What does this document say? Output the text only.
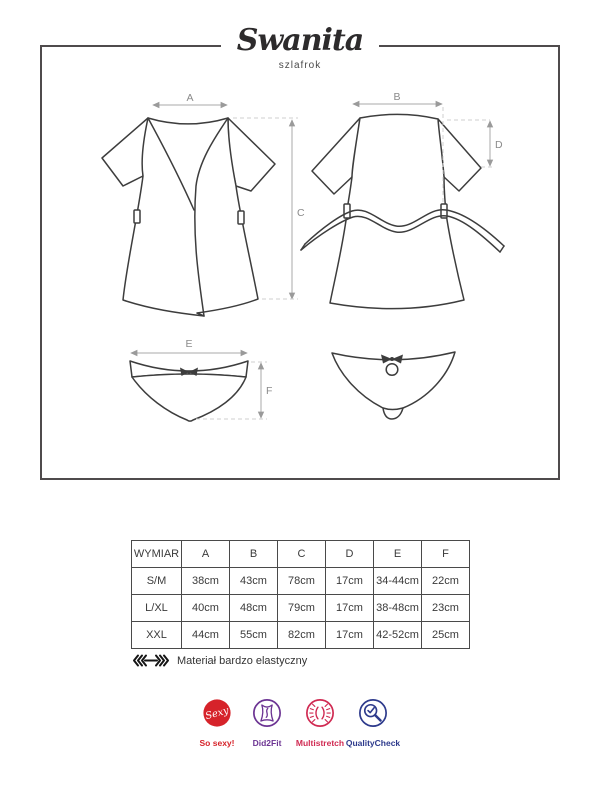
A	B
C
D
E
F
Swanita
szlafrok
WYMIAR	A	B	C	D	E	F
S/M	38cm	43cm	78cm	17cm	34-44cm	22cm
L/XL	40cm	48cm	79cm	17cm	38-48cm	23cm
XXL	44cm	55cm	82cm	17cm	42-52cm	25cm
Materiał bardzo elastyczny
Sexy
So sexy!	Did2Fit	Multistretch QualityCheck
